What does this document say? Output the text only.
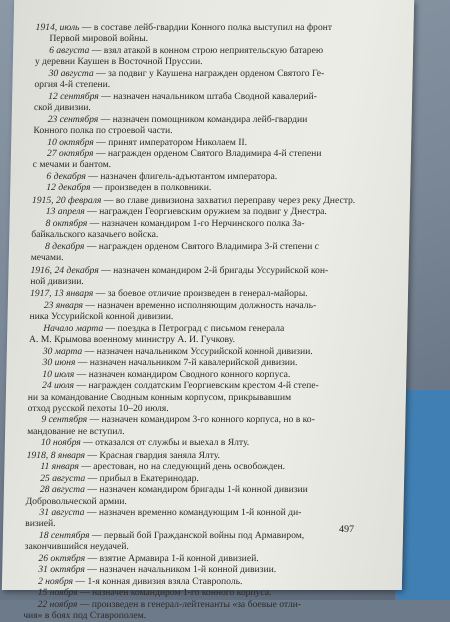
1914, июль — в составе лейб-гвардии Конного полка выступил на фронт
Первой мировой войны.
6 августа — взял атакой в конном строю неприятельскую батарею
у деревни Каушен в Восточной Пруссии.
30 августа — за подвиг у Каушена награжден орденом Святого Ге-
оргия 4-й степени.
12 сентября — назначен начальником штаба Сводной кавалерий-
ской дивизии.
23 сентября — назначен помощником командира лейб-гвардии
Конного полка по строевой части.
10 октября — принят императором Николаем II.
27 октября — награжден орденом Святого Владимира 4-й степени
с мечами и бантом.
6 декабря — назначен флигель-адъютантом императора.
12 декабря — произведен в полковники.
1915, 20 февраля — во главе дивизиона захватил переправу через реку Днестр.
13 апреля — награжден Георгиевским оружием за подвиг у Днестра.
8 октября — назначен командиром 1-го Нерчинского полка За-
байкальского казачьего войска.
8 декабря — награжден орденом Святого Владимира 3-й степени с
мечами.
1916, 24 декабря — назначен командиром 2-й бригады Уссурийской кон-
ной дивизии.
1917, 13 января — за боевое отличие произведен в генерал-майоры.
23 января — назначен временно исполняющим должность началь-
ника Уссурийской конной дивизии.
Начало марта — поездка в Петроград с письмом генерала
А. М. Крымова военному министру А. И. Гучкову.
30 марта — назначен начальником Уссурийской конной дивизии.
30 июня — назначен начальником 7-й кавалерийской дивизии.
10 июля — назначен командиром Сводного конного корпуса.
24 июля — награжден солдатским Георгиевским крестом 4-й степе-
ни за командование Сводным конным корпусом, прикрывавшим
отход русской пехоты 10–20 июля.
9 сентября — назначен командиром 3-го конного корпуса, но в ко-
мандование не вступил.
10 ноября — отказался от службы и выехал в Ялту.
1918, 8 января — Красная гвардия заняла Ялту.
11 января — арестован, но на следующий день освобожден.
25 августа — прибыл в Екатеринодар.
28 августа — назначен командиром бригады 1-й конной дивизии
Добровольческой армии.
31 августа — назначен временно командующим 1-й конной ди-
визией.
18 сентября — первый бой Гражданской войны под Армавиром,
закончившийся неудачей.
26 октября — взятие Армавира 1-й конной дивизией.
31 октября — назначен начальником 1-й конной дивизии.
2 ноября — 1-я конная дивизия взяла Ставрополь.
15 ноября — назначен командиром 1-го конного корпуса.
22 ноября — произведен в генерал-лейтенанты «за боевые отли-
чия» в боях под Ставрополем.
497
